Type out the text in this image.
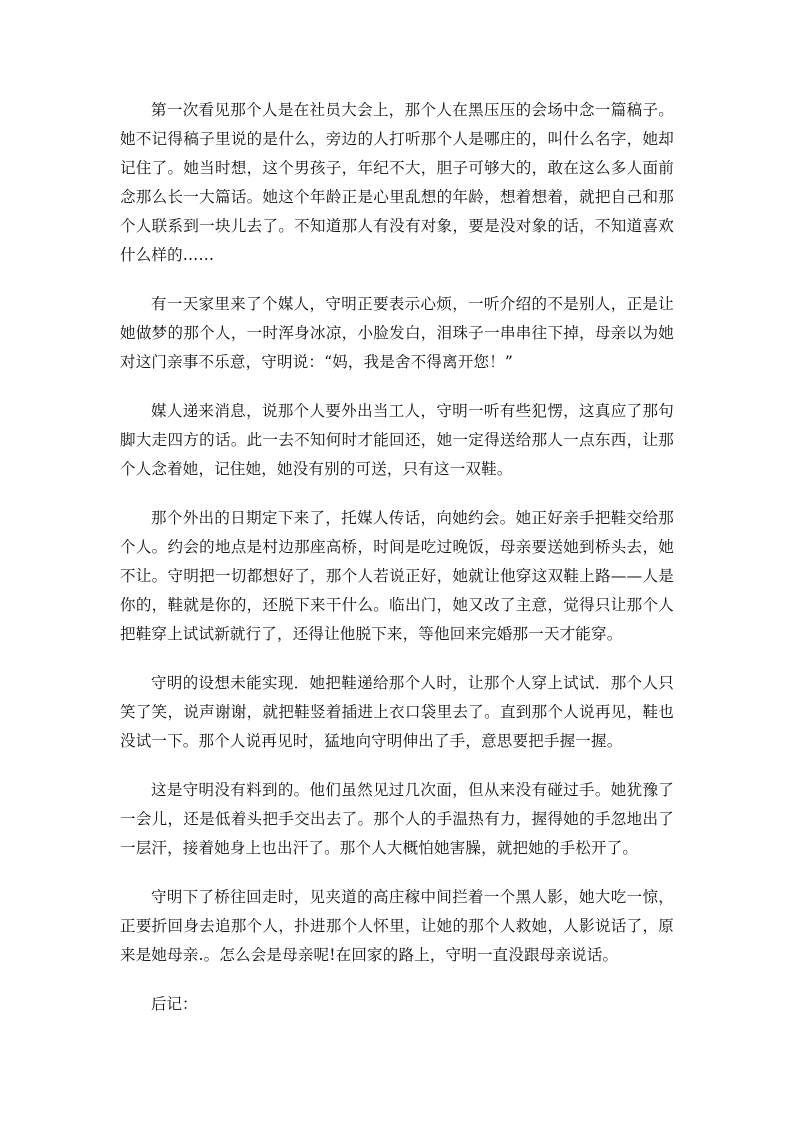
第一次看见那个人是在社员大会上，那个人在黑压压的会场中念一篇稿子。她不记得稿子里说的是什么，旁边的人打听那个人是哪庄的，叫什么名字，她却记住了。她当时想，这个男孩子，年纪不大，胆子可够大的，敢在这么多人面前念那么长一大篇话。她这个年龄正是心里乱想的年龄，想着想着，就把自己和那个人联系到一块儿去了。不知道那人有没有对象，要是没对象的话，不知道喜欢什么样的……

有一天家里来了个媒人，守明正要表示心烦，一听介绍的不是别人，正是让她做梦的那个人，一时浑身冰凉，小脸发白，泪珠子一串串往下掉，母亲以为她对这门亲事不乐意，守明说：“妈，我是舍不得离开您！”

媒人递来消息，说那个人要外出当工人，守明一听有些犯愣，这真应了那句脚大走四方的话。此一去不知何时才能回还，她一定得送给那人一点东西，让那个人念着她，记住她，她没有别的可送，只有这一双鞋。

那个外出的日期定下来了，托媒人传话，向她约会。她正好亲手把鞋交给那个人。约会的地点是村边那座高桥，时间是吃过晚饭，母亲要送她到桥头去，她不让。守明把一切都想好了，那个人若说正好，她就让他穿这双鞋上路——人是你的，鞋就是你的，还脱下来干什么。临出门，她又改了主意，觉得只让那个人把鞋穿上试试新就行了，还得让他脱下来，等他回来完婚那一天才能穿。

守明的设想未能实现．她把鞋递给那个人时，让那个人穿上试试．那个人只笑了笑，说声谢谢，就把鞋竖着插进上衣口袋里去了。直到那个人说再见，鞋也没试一下。那个人说再见时，猛地向守明伸出了手，意思要把手握一握。

这是守明没有料到的。他们虽然见过几次面，但从来没有碰过手。她犹豫了一会儿，还是低着头把手交出去了。那个人的手温热有力，握得她的手忽地出了一层汗，接着她身上也出汗了。那个人大概怕她害臊，就把她的手松开了。

守明下了桥往回走时，见夹道的高庄稼中间拦着一个黑人影，她大吃一惊，正要折回身去追那个人，扑进那个人怀里，让她的那个人救她，人影说话了，原来是她母亲.。怎么会是母亲呢!在回家的路上，守明一直没跟母亲说话。

后记：
